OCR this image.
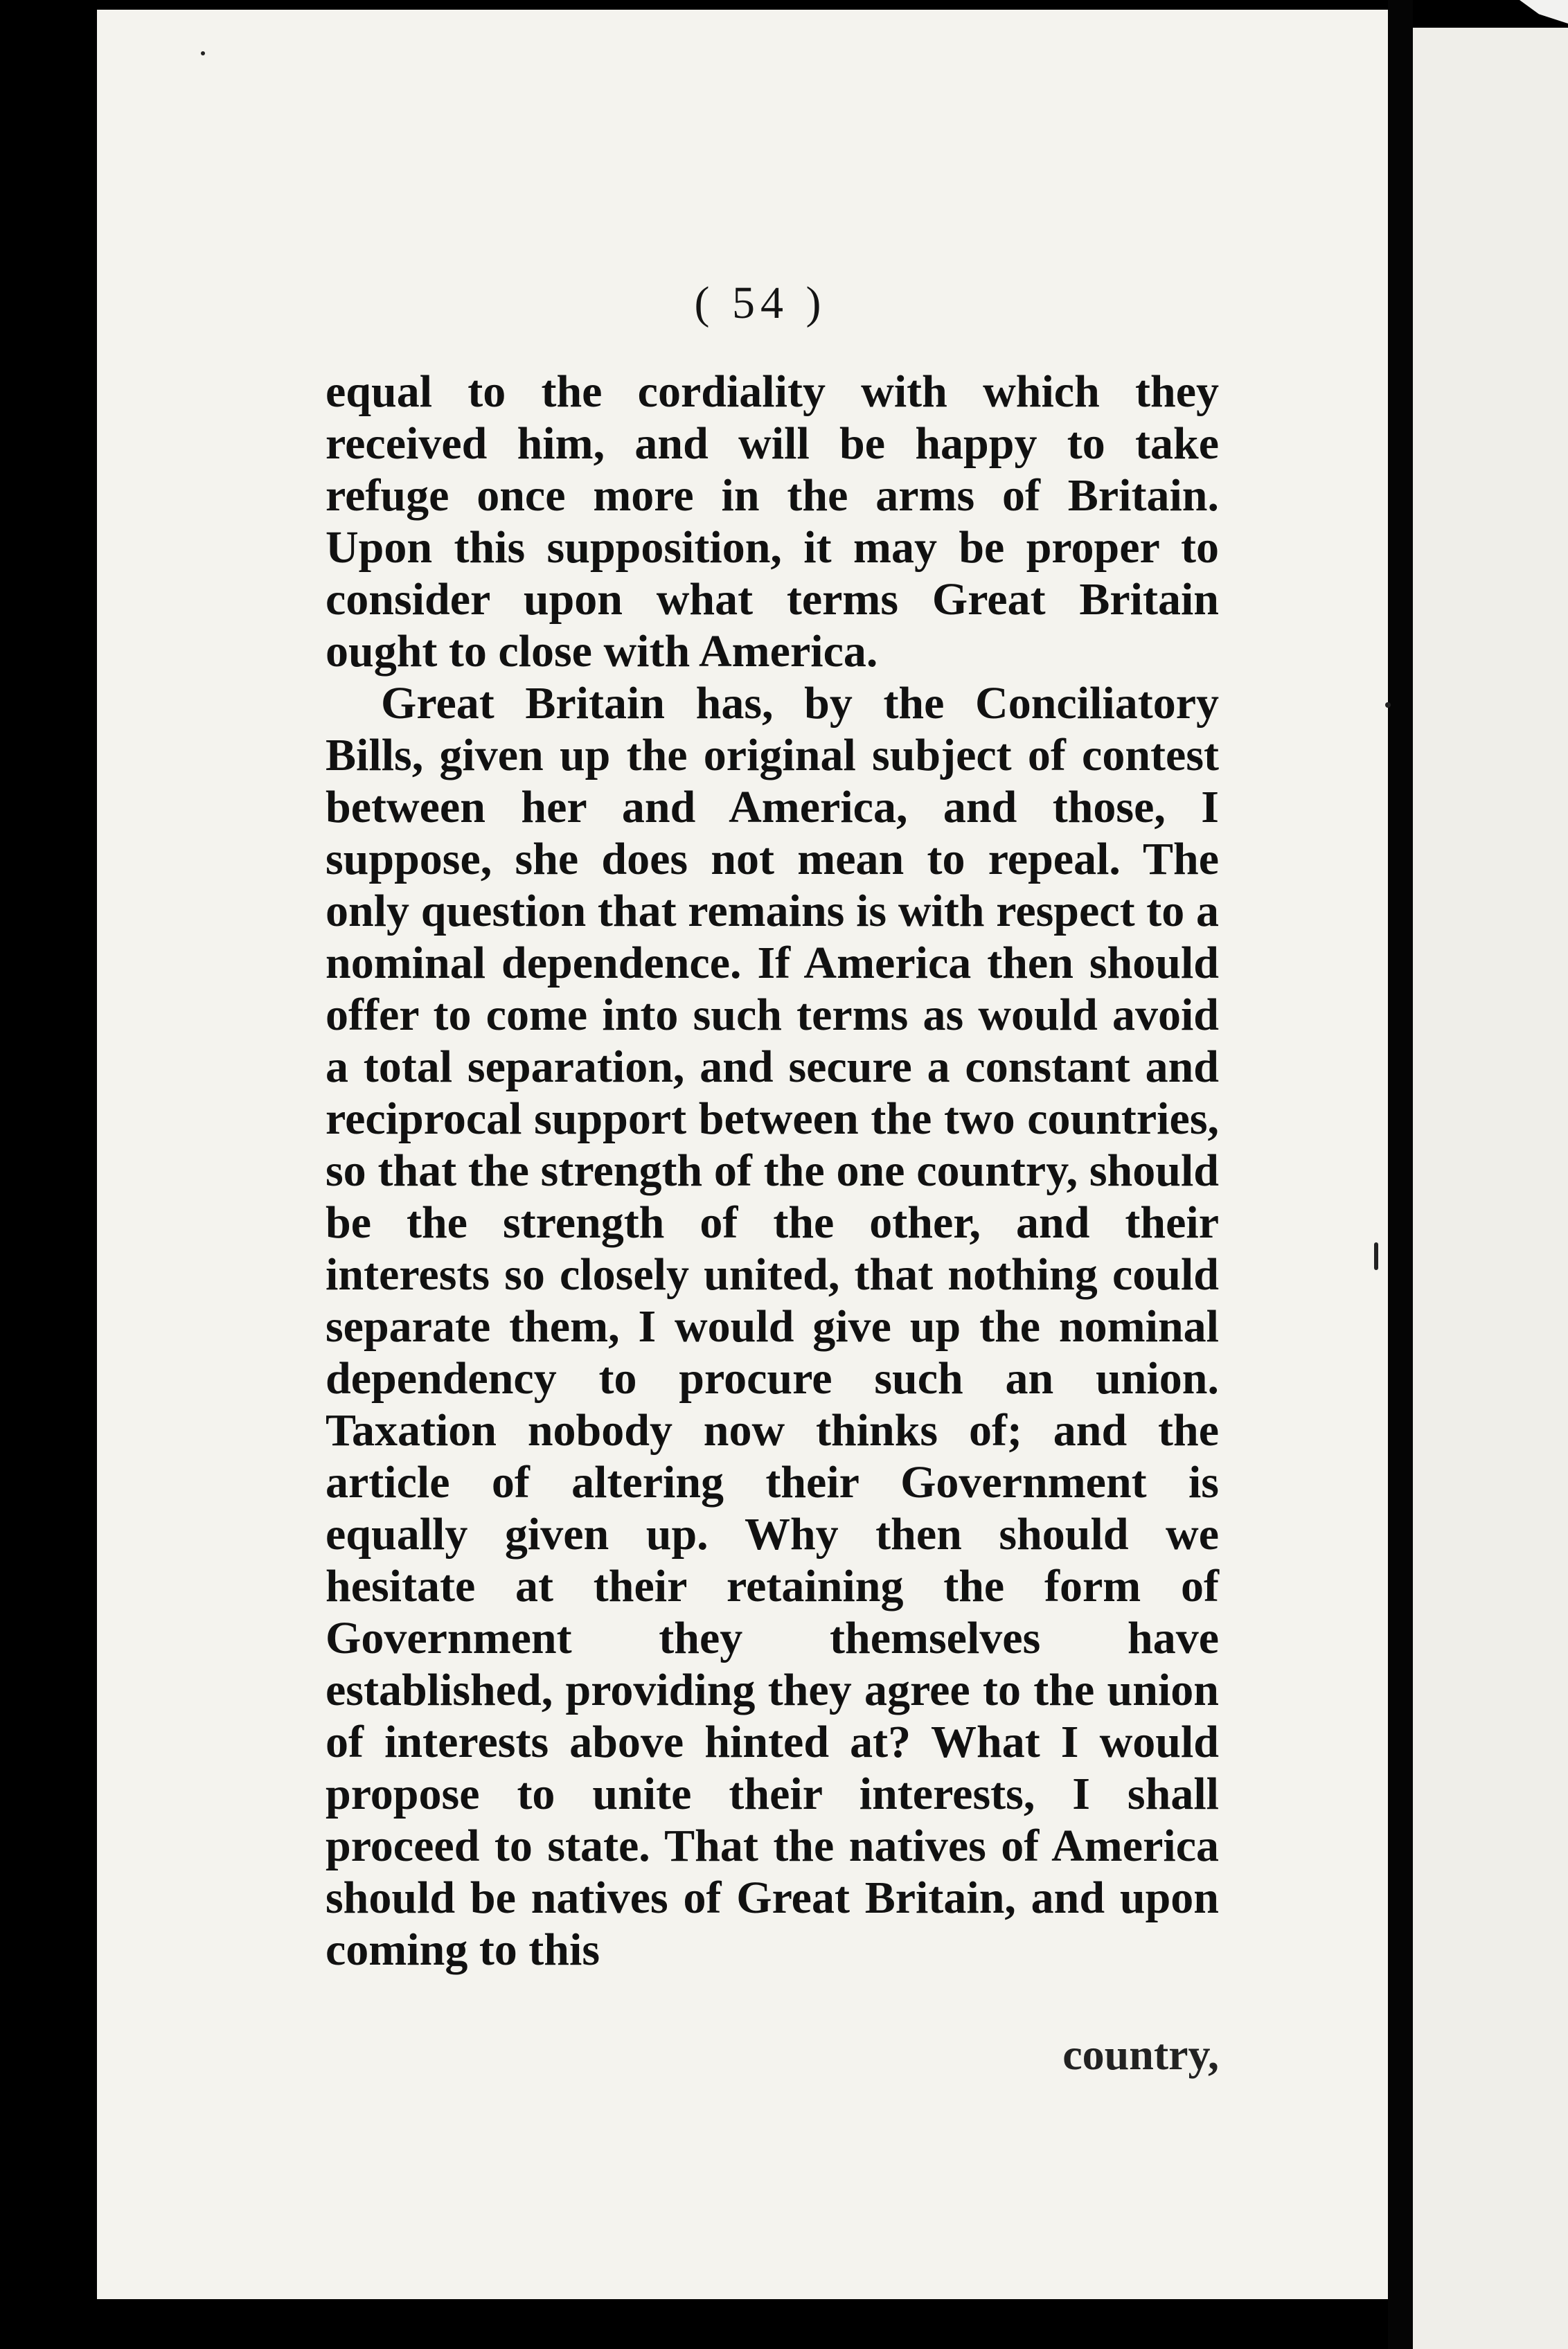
( 54 )

equal to the cordiality with which they received him, and will be happy to take refuge once more in the arms of Britain. Upon this supposition, it may be proper to consider upon what terms Great Britain ought to close with America.

Great Britain has, by the Conciliatory Bills, given up the original subject of contest between her and America, and those, I suppose, she does not mean to repeal. The only question that remains is with respect to a nominal dependence. If America then should offer to come into such terms as would avoid a total separation, and secure a constant and reciprocal support between the two countries, so that the strength of the one country, should be the strength of the other, and their interests so closely united, that nothing could separate them, I would give up the nominal dependency to procure such an union. Taxation nobody now thinks of; and the article of altering their Government is equally given up. Why then should we hesitate at their retaining the form of Government they themselves have established, providing they agree to the union of interests above hinted at? What I would propose to unite their interests, I shall proceed to state. That the natives of America should be natives of Great Britain, and upon coming to this

country,
